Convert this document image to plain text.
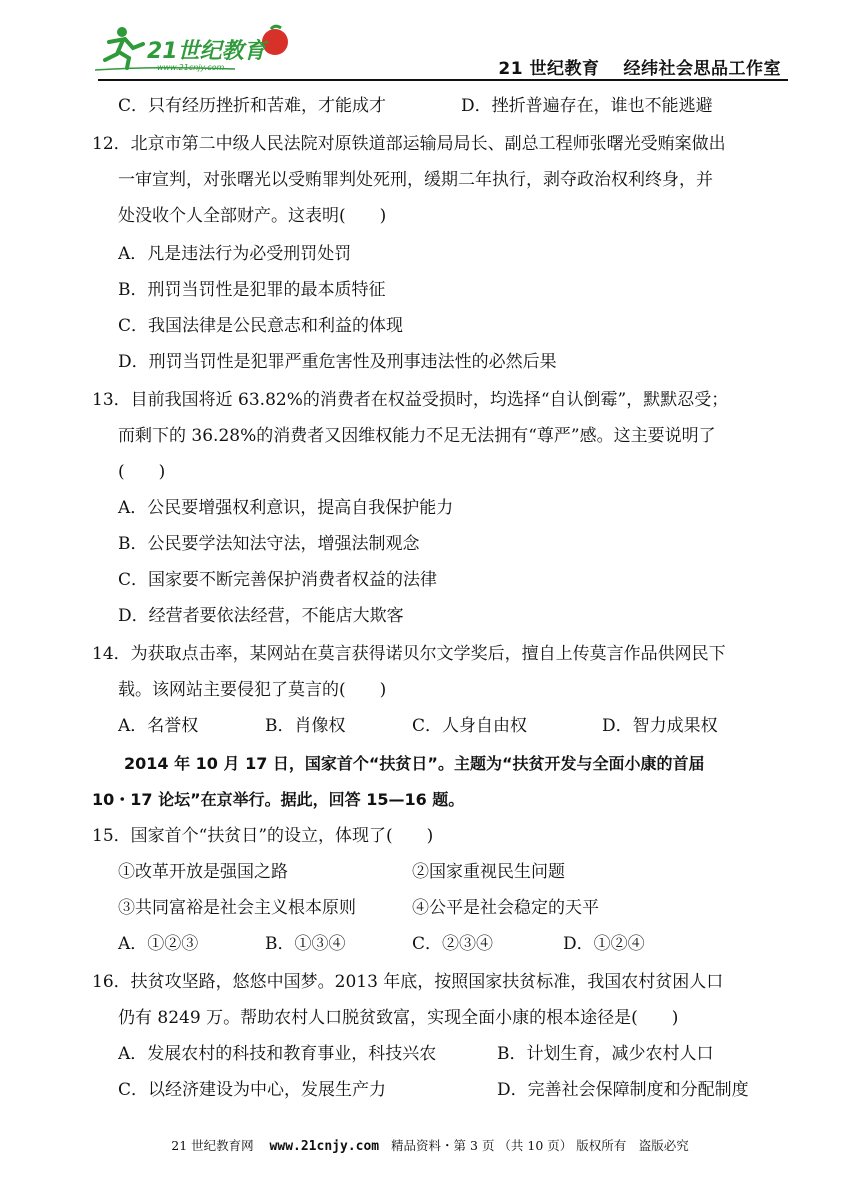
21世纪教育
www.21cnjy.com	21 世纪教育 经纬社会思品工作室
C．只有经历挫折和苦难，才能成才	D．挫折普遍存在，谁也不能逃避
12．北京市第二中级人民法院对原铁道部运输局局长、副总工程师张曙光受贿案做出
一审宣判，对张曙光以受贿罪判处死刑，缓期二年执行，剥夺政治权利终身，并
处没收个人全部财产。这表明(　　)
A．凡是违法行为必受刑罚处罚
B．刑罚当罚性是犯罪的最本质特征
C．我国法律是公民意志和利益的体现
D．刑罚当罚性是犯罪严重危害性及刑事违法性的必然后果
13．目前我国将近 63.82%的消费者在权益受损时，均选择“自认倒霉”，默默忍受；
而剩下的 36.28%的消费者又因维权能力不足无法拥有“尊严”感。这主要说明了
(　　)
A．公民要增强权利意识，提高自我保护能力
B．公民要学法知法守法，增强法制观念
C．国家要不断完善保护消费者权益的法律
D．经营者要依法经营，不能店大欺客
14．为获取点击率，某网站在莫言获得诺贝尔文学奖后，擅自上传莫言作品供网民下
载。该网站主要侵犯了莫言的(　　)
A．名誉权	B．肖像权	C．人身自由权	D．智力成果权
2014 年 10 月 17 日，国家首个“扶贫日”。主题为“扶贫开发与全面小康的首届
10・17 论坛”在京举行。据此，回答 15—16 题。
15．国家首个“扶贫日”的设立，体现了(　　)
①改革开放是强国之路	②国家重视民生问题
③共同富裕是社会主义根本原则	④公平是社会稳定的天平
A．①②③	B．①③④	C．②③④	D．①②④
16．扶贫攻坚路，悠悠中国梦。2013 年底，按照国家扶贫标准，我国农村贫困人口
仍有 8249 万。帮助农村人口脱贫致富，实现全面小康的根本途径是(　　)
A．发展农村的科技和教育事业，科技兴农	B．计划生育，减少农村人口
C．以经济建设为中心，发展生产力	D．完善社会保障制度和分配制度
21 世纪教育网 www.21cnjy.com 精品资料・第 3 页 （共 10 页） 版权所有　盗版必究
